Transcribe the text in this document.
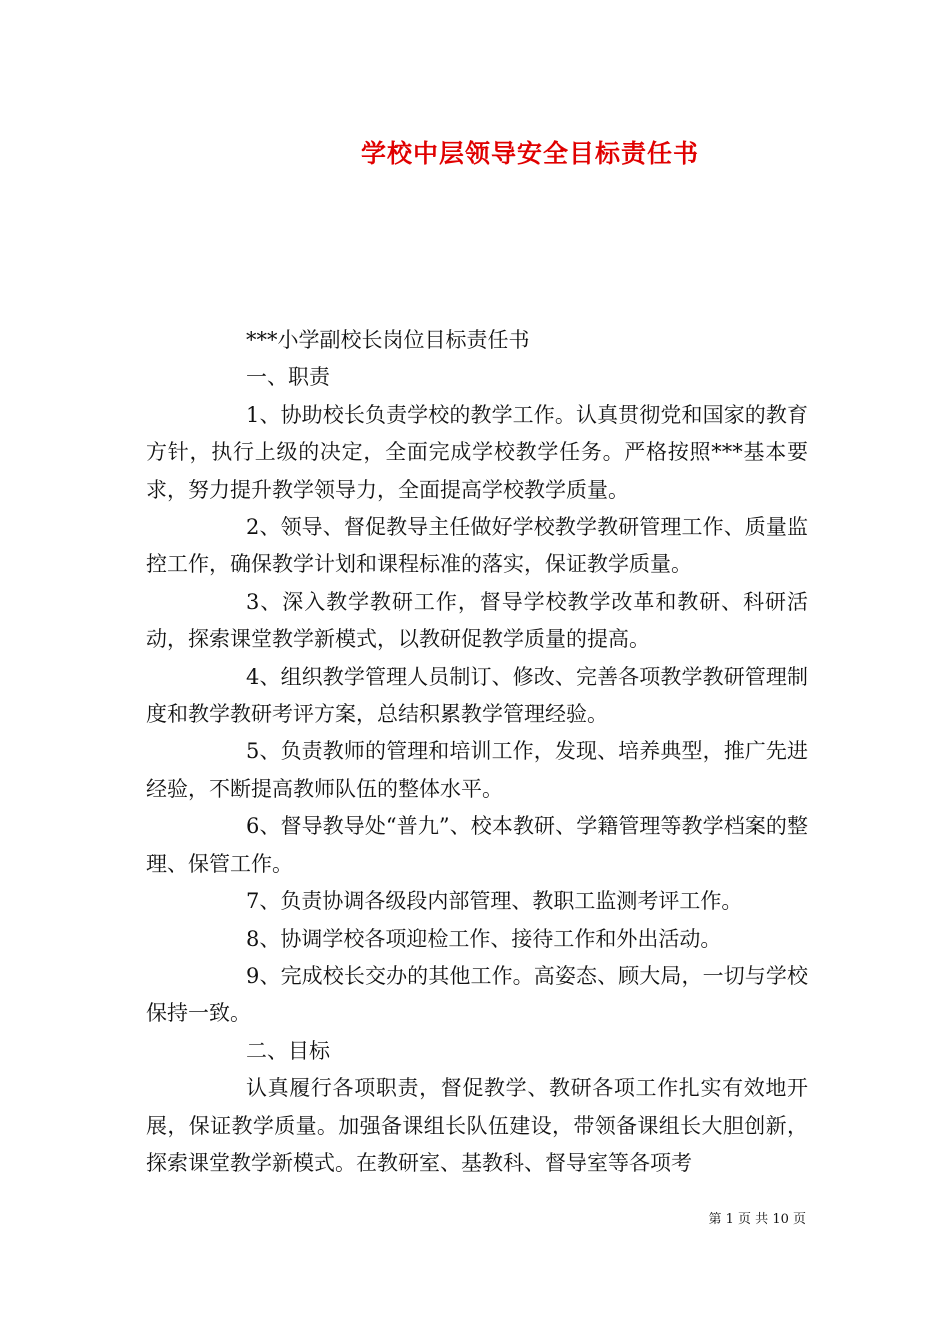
学校中层领导安全目标责任书

***小学副校长岗位目标责任书

一、职责

1、协助校长负责学校的教学工作。认真贯彻党和国家的教育方针，执行上级的决定，全面完成学校教学任务。严格按照***基本要求，努力提升教学领导力，全面提高学校教学质量。

2、领导、督促教导主任做好学校教学教研管理工作、质量监控工作，确保教学计划和课程标准的落实，保证教学质量。

3、深入教学教研工作，督导学校教学改革和教研、科研活动，探索课堂教学新模式，以教研促教学质量的提高。

4、组织教学管理人员制订、修改、完善各项教学教研管理制度和教学教研考评方案，总结积累教学管理经验。

5、负责教师的管理和培训工作，发现、培养典型，推广先进经验，不断提高教师队伍的整体水平。

6、督导教导处“普九”、校本教研、学籍管理等教学档案的整理、保管工作。

7、负责协调各级段内部管理、教职工监测考评工作。

8、协调学校各项迎检工作、接待工作和外出活动。

9、完成校长交办的其他工作。高姿态、顾大局，一切与学校保持一致。

二、目标

认真履行各项职责，督促教学、教研各项工作扎实有效地开展，保证教学质量。加强备课组长队伍建设，带领备课组长大胆创新，探索课堂教学新模式。在教研室、基教科、督导室等各项考

第 1 页 共 10 页
